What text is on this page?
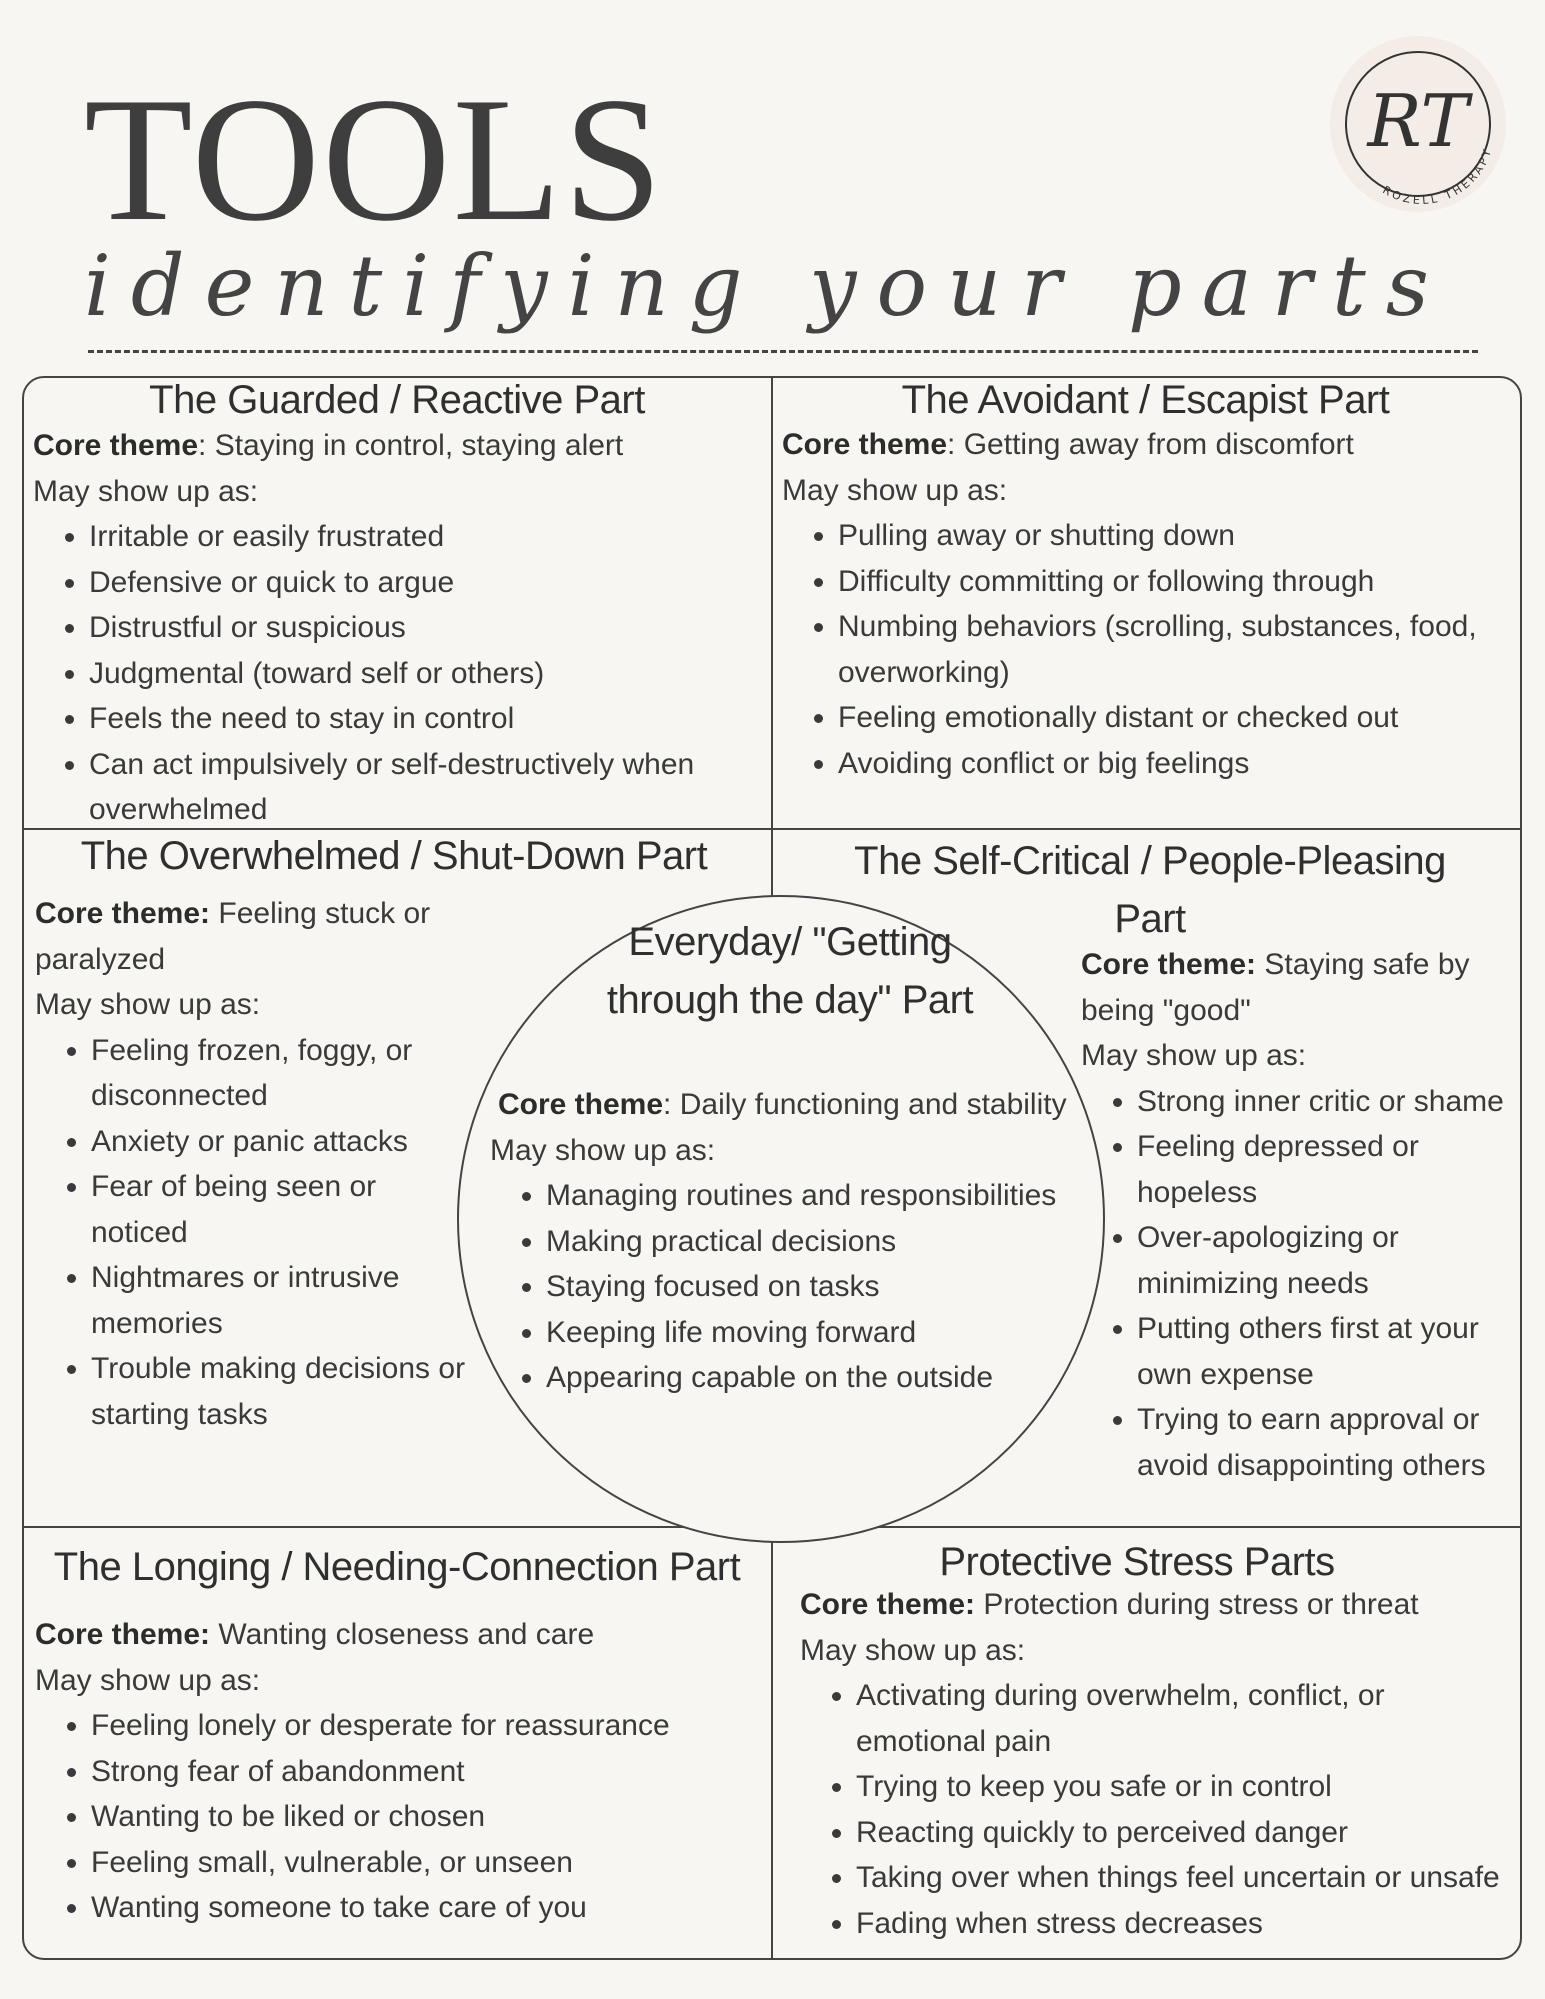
TOOLS
identifying your parts
RT
ROZELL THERAPY
The Guarded / Reactive Part

Core theme: Staying in control, staying alert

May show up as:

• Irritable or easily frustrated
• Defensive or quick to argue
• Distrustful or suspicious
• Judgmental (toward self or others)
• Feels the need to stay in control
• Can act impulsively or self-destructively when overwhelmed
The Avoidant / Escapist Part

Core theme: Getting away from discomfort

May show up as:

• Pulling away or shutting down
• Difficulty committing or following through
• Numbing behaviors (scrolling, substances, food, overworking)
• Feeling emotionally distant or checked out
• Avoiding conflict or big feelings
The Overwhelmed / Shut-Down Part

Core theme: Feeling stuck or paralyzed

May show up as:

• Feeling frozen, foggy, or disconnected
• Anxiety or panic attacks
• Fear of being seen or noticed
• Nightmares or intrusive memories
• Trouble making decisions or starting tasks
The Self-Critical / People-Pleasing Part

Core theme: Staying safe by being "good"

May show up as:

• Strong inner critic or shame
• Feeling depressed or hopeless
• Over-apologizing or minimizing needs
• Putting others first at your own expense
• Trying to earn approval or avoid disappointing others
Everyday/ "Getting through the day" Part

Core theme: Daily functioning and stability

May show up as:

• Managing routines and responsibilities
• Making practical decisions
• Staying focused on tasks
• Keeping life moving forward
• Appearing capable on the outside
The Longing / Needing-Connection Part

Core theme: Wanting closeness and care

May show up as:

• Feeling lonely or desperate for reassurance
• Strong fear of abandonment
• Wanting to be liked or chosen
• Feeling small, vulnerable, or unseen
• Wanting someone to take care of you
Protective Stress Parts

Core theme: Protection during stress or threat

May show up as:

• Activating during overwhelm, conflict, or emotional pain
• Trying to keep you safe or in control
• Reacting quickly to perceived danger
• Taking over when things feel uncertain or unsafe
• Fading when stress decreases
